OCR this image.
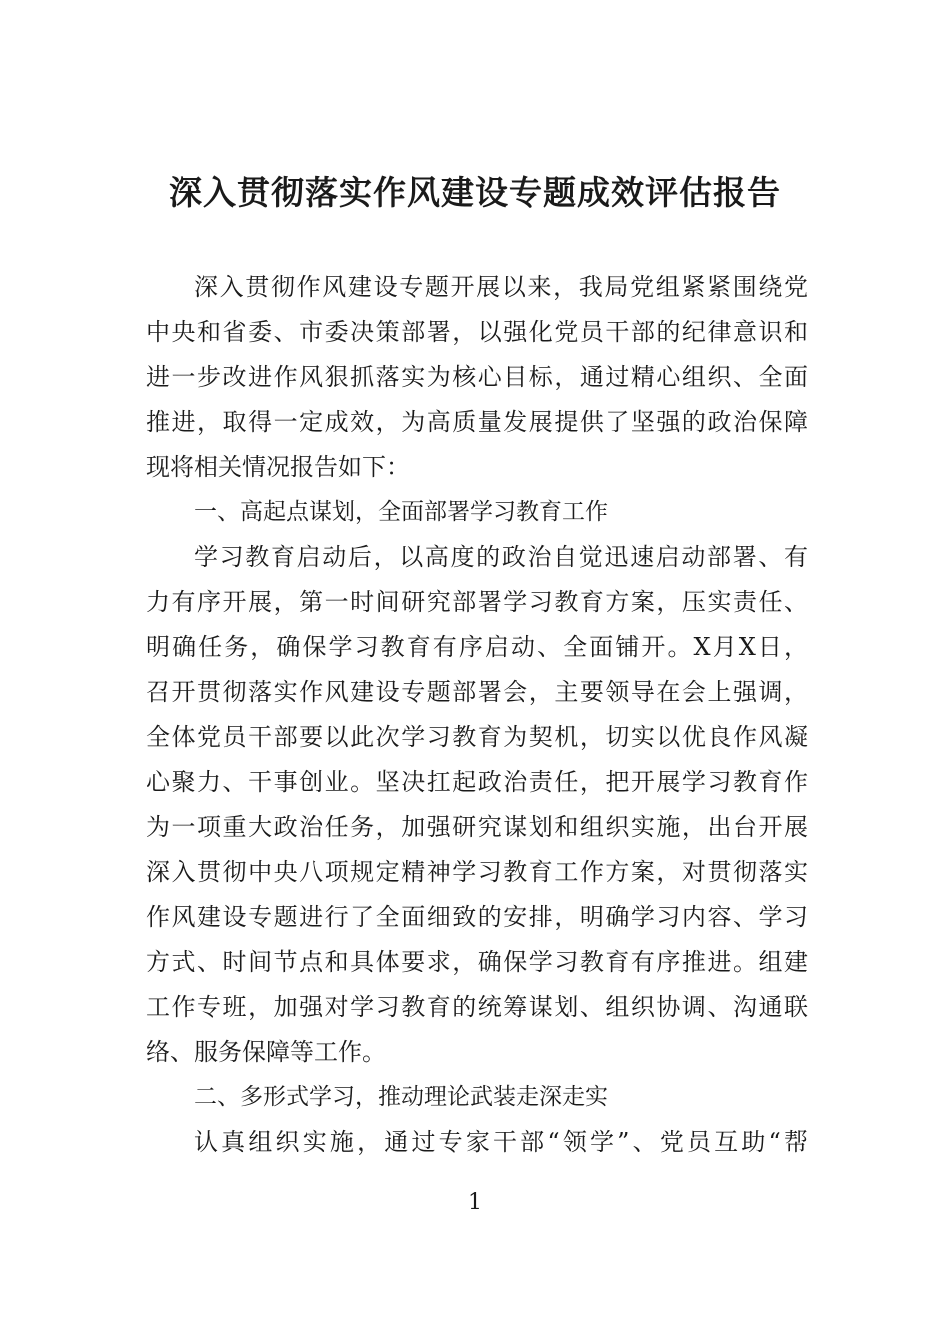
深入贯彻落实作风建设专题成效评估报告
深入贯彻作风建设专题开展以来，我局党组紧紧围绕党
中央和省委、市委决策部署，以强化党员干部的纪律意识和
进一步改进作风狠抓落实为核心目标，通过精心组织、全面
推进，取得一定成效，为高质量发展提供了坚强的政治保障
现将相关情况报告如下：
一、高起点谋划，全面部署学习教育工作
学习教育启动后，以高度的政治自觉迅速启动部署、有
力有序开展，第一时间研究部署学习教育方案，压实责任、
明确任务，确保学习教育有序启动、全面铺开。X月X日，
召开贯彻落实作风建设专题部署会，主要领导在会上强调，
全体党员干部要以此次学习教育为契机，切实以优良作风凝
心聚力、干事创业。坚决扛起政治责任，把开展学习教育作
为一项重大政治任务，加强研究谋划和组织实施，出台开展
深入贯彻中央八项规定精神学习教育工作方案，对贯彻落实
作风建设专题进行了全面细致的安排，明确学习内容、学习
方式、时间节点和具体要求，确保学习教育有序推进。组建
工作专班，加强对学习教育的统筹谋划、组织协调、沟通联
络、服务保障等工作。
二、多形式学习，推动理论武装走深走实
认真组织实施，通过专家干部“领学”、党员互助“帮
1
